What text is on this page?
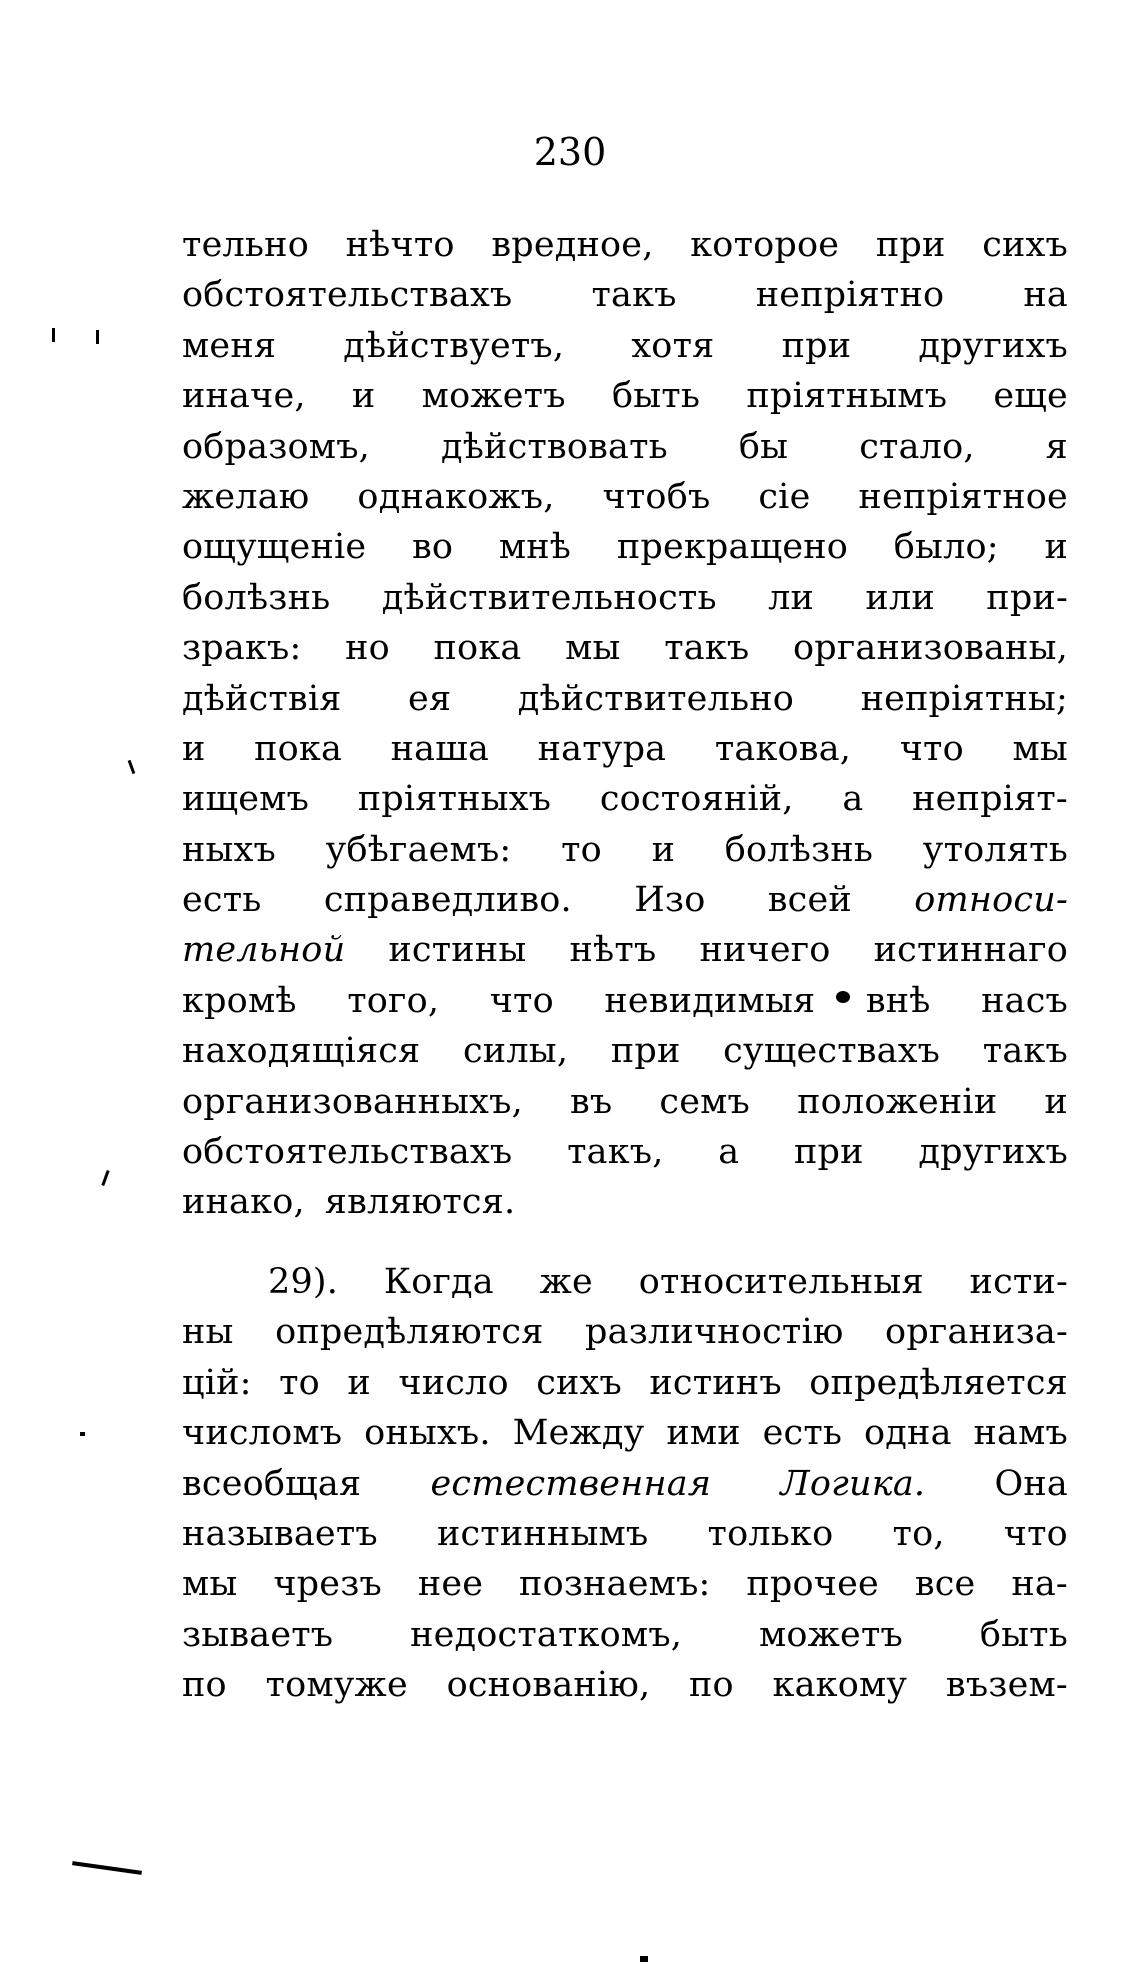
230
тельно нѣчто вредное, которое при сихъ
обстоятельствахъ такъ непріятно на
меня дѣйствуетъ, хотя при другихъ
иначе, и можетъ быть пріятнымъ еще
образомъ, дѣйствовать бы стало, я
желаю однакожъ, чтобъ сіе непріятное
ощущеніе во мнѣ прекращено было; и
болѣзнь дѣйствительность ли или при-
зракъ: но пока мы такъ организованы,
дѣйствія ея дѣйствительно непріятны;
и пока наша натура такова, что мы
ищемъ пріятныхъ состояній, а непріят-
ныхъ убѣгаемъ: то и болѣзнь утолять
есть справедливо. Изо всей относи-
тельной истины нѣтъ ничего истиннаго
кромѣ того, что невидимыя внѣ насъ
находящіяся силы, при существахъ такъ
организованныхъ, въ семъ положеніи и
обстоятельствахъ такъ, а при другихъ
инако, являются.
29). Когда же относительныя исти-
ны опредѣляются различностію организа-
цій: то и число сихъ истинъ опредѣляется
числомъ оныхъ. Между ими есть одна намъ
всеобщая естественная Логика. Она
называетъ истиннымъ только то, что
мы чрезъ нее познаемъ: прочее все на-
зываетъ недостаткомъ, можетъ быть
по томуже основанію, по какому възем-
